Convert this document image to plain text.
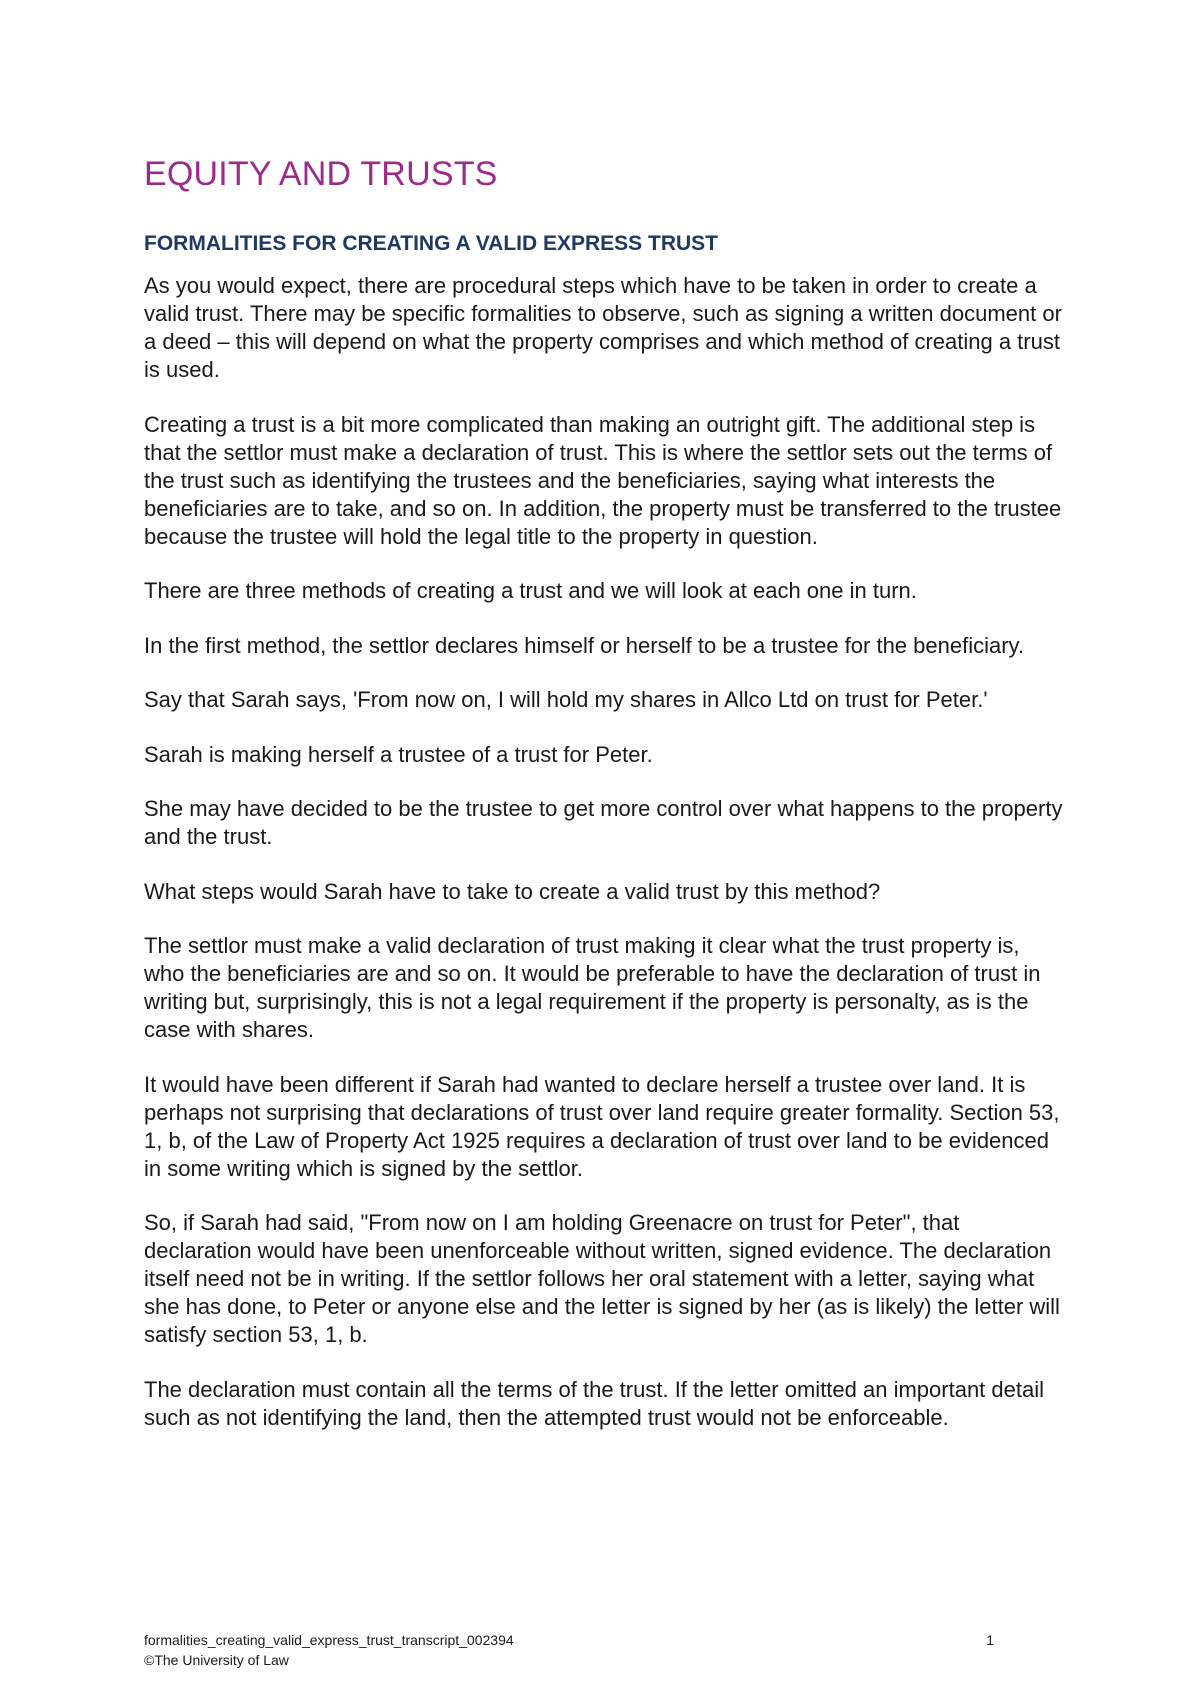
EQUITY AND TRUSTS
FORMALITIES FOR CREATING A VALID EXPRESS TRUST

As you would expect, there are procedural steps which have to be taken in order to create a valid trust. There may be specific formalities to observe, such as signing a written document or a deed – this will depend on what the property comprises and which method of creating a trust is used.

Creating a trust is a bit more complicated than making an outright gift. The additional step is that the settlor must make a declaration of trust. This is where the settlor sets out the terms of the trust such as identifying the trustees and the beneficiaries, saying what interests the beneficiaries are to take, and so on. In addition, the property must be transferred to the trustee because the trustee will hold the legal title to the property in question.

There are three methods of creating a trust and we will look at each one in turn.

In the first method, the settlor declares himself or herself to be a trustee for the beneficiary.

Say that Sarah says, 'From now on, I will hold my shares in Allco Ltd on trust for Peter.'

Sarah is making herself a trustee of a trust for Peter.

She may have decided to be the trustee to get more control over what happens to the property and the trust.

What steps would Sarah have to take to create a valid trust by this method?

The settlor must make a valid declaration of trust making it clear what the trust property is, who the beneficiaries are and so on. It would be preferable to have the declaration of trust in writing but, surprisingly, this is not a legal requirement if the property is personalty, as is the case with shares.

It would have been different if Sarah had wanted to declare herself a trustee over land. It is perhaps not surprising that declarations of trust over land require greater formality. Section 53, 1, b, of the Law of Property Act 1925 requires a declaration of trust over land to be evidenced in some writing which is signed by the settlor.

So, if Sarah had said, "From now on I am holding Greenacre on trust for Peter", that declaration would have been unenforceable without written, signed evidence. The declaration itself need not be in writing. If the settlor follows her oral statement with a letter, saying what she has done, to Peter or anyone else and the letter is signed by her (as is likely) the letter will satisfy section 53, 1, b.

The declaration must contain all the terms of the trust. If the letter omitted an important detail such as not identifying the land, then the attempted trust would not be enforceable.

formalities_creating_valid_express_trust_transcript_002394	1
©The University of Law
